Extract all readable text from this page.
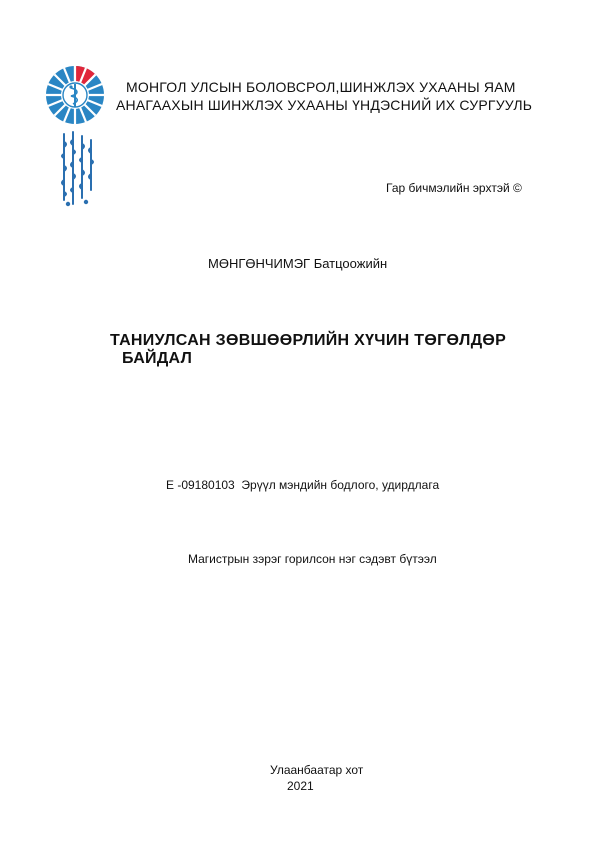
МОНГОЛ УЛСЫН БОЛОВСРОЛ,ШИНЖЛЭХ УХААНЫ ЯАМ
АНАГААХЫН ШИНЖЛЭХ УХААНЫ ҮНДЭСНИЙ ИХ СУРГУУЛЬ
Гар бичмэлийн эрхтэй ©
МӨНГӨНЧИМЭГ Батцоожийн
ТАНИУЛСАН ЗӨВШӨӨРЛИЙН ХҮЧИН ТӨГӨЛДӨР
БАЙДАЛ
Е -09180103  Эрүүл мэндийн бодлого, удирдлага
Магистрын зэрэг горилсон нэг сэдэвт бүтээл
Улаанбаатар хот
2021
